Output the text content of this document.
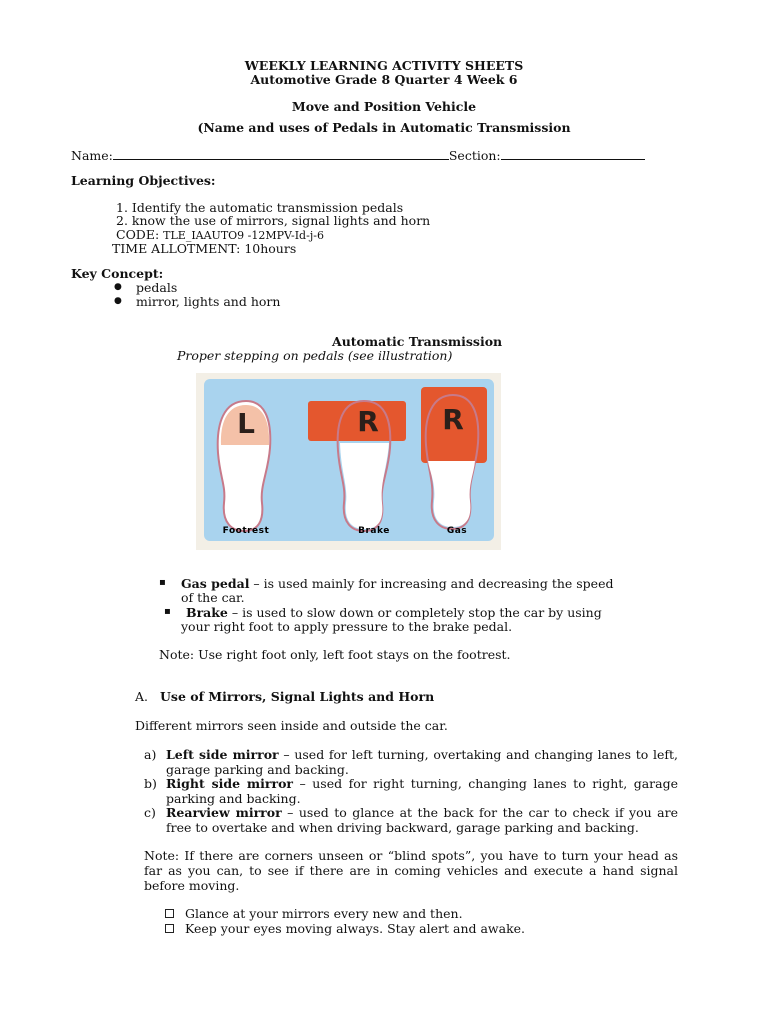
WEEKLY LEARNING ACTIVITY SHEETS
Automotive Grade 8 Quarter 4 Week 6
Move and Position Vehicle
(Name and uses of Pedals in Automatic Transmission
Name:	Section:
Learning Objectives:
1. Identify the automatic transmission pedals
2. know the use of mirrors, signal lights and horn
CODE: TLE_IAAUTO9 -12MPV-Id-j-6
TIME ALLOTMENT: 10hours
Key Concept:
● pedals
● mirror, lights and horn
Automatic Transmission
Proper stepping on pedals (see illustration)
L	R R
Footrest	Brake	Gas
▪ Gas pedal – is used mainly for increasing and decreasing the speed
of the car.
▪ Brake – is used to slow down or completely stop the car by using
your right foot to apply pressure to the brake pedal.
Note: Use right foot only, left foot stays on the footrest.
A. Use of Mirrors, Signal Lights and Horn
Different mirrors seen inside and outside the car.
a) Left side mirror – used for left turning, overtaking and changing lanes to left, garage parking and backing.
b) Right side mirror – used for right turning, changing lanes to right, garage parking and backing.
c) Rearview mirror – used to glance at the back for the car to check if you are free to overtake and when driving backward, garage parking and backing.
Note: If there are corners unseen or “blind spots”, you have to turn your head as far as you can, to see if there are in coming vehicles and execute a hand signal before moving.
Glance at your mirrors every new and then.
Keep your eyes moving always. Stay alert and awake.
